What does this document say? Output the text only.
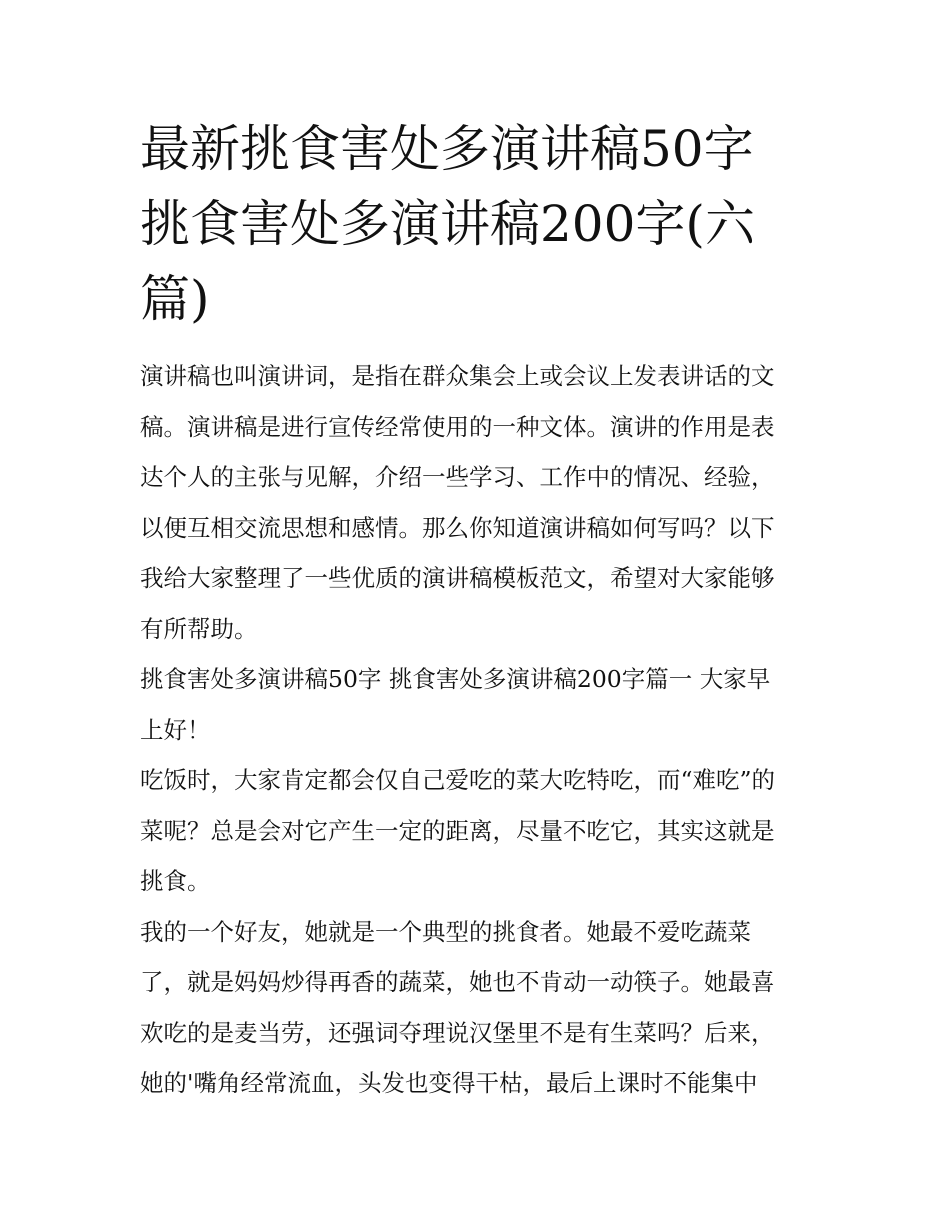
最新挑食害处多演讲稿50字
挑食害处多演讲稿200字(六
篇)

演讲稿也叫演讲词，是指在群众集会上或会议上发表讲话的文
稿。演讲稿是进行宣传经常使用的一种文体。演讲的作用是表
达个人的主张与见解，介绍一些学习、工作中的情况、经验，
以便互相交流思想和感情。那么你知道演讲稿如何写吗？以下
我给大家整理了一些优质的演讲稿模板范文，希望对大家能够
有所帮助。

挑食害处多演讲稿50字 挑食害处多演讲稿200字篇一 大家早
上好！

吃饭时，大家肯定都会仅自己爱吃的菜大吃特吃，而“难吃”的
菜呢？总是会对它产生一定的距离，尽量不吃它，其实这就是
挑食。

我的一个好友，她就是一个典型的挑食者。她最不爱吃蔬菜
了，就是妈妈炒得再香的蔬菜，她也不肯动一动筷子。她最喜
欢吃的是麦当劳，还强词夺理说汉堡里不是有生菜吗？后来，
她的'嘴角经常流血，头发也变得干枯，最后上课时不能集中
